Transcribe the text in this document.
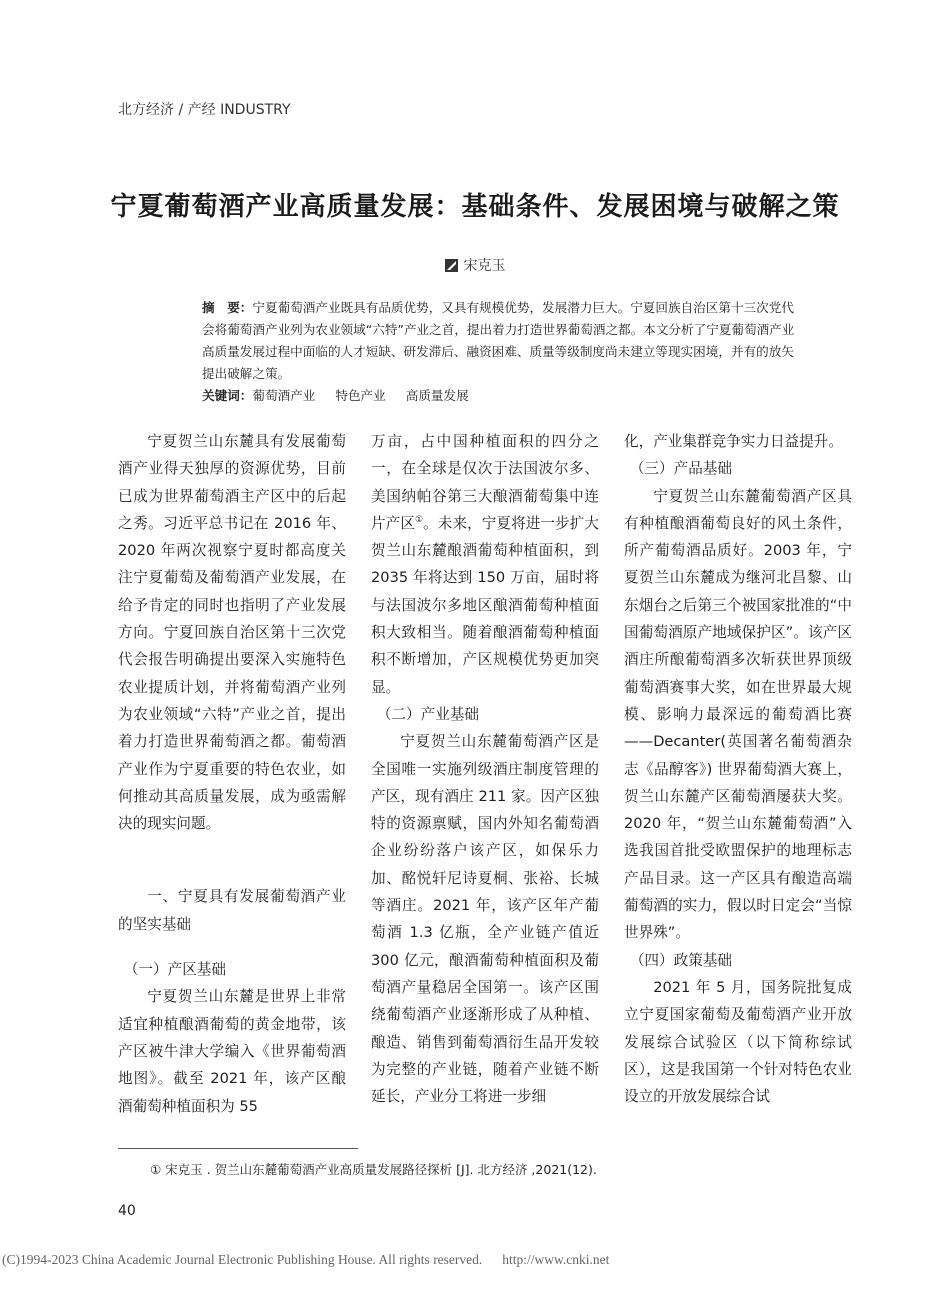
北方经济 / 产经 INDUSTRY
宁夏葡萄酒产业高质量发展：基础条件、发展困境与破解之策
宋克玉
摘　要：宁夏葡萄酒产业既具有品质优势，又具有规模优势，发展潜力巨大。宁夏回族自治区第十三次党代会将葡萄酒产业列为农业领域“六特”产业之首，提出着力打造世界葡萄酒之都。本文分析了宁夏葡萄酒产业高质量发展过程中面临的人才短缺、研发滞后、融资困难、质量等级制度尚未建立等现实困境，并有的放矢提出破解之策。
关键词：葡萄酒产业 特色产业 高质量发展

宁夏贺兰山东麓具有发展葡萄酒产业得天独厚的资源优势，目前已成为世界葡萄酒主产区中的后起之秀。习近平总书记在 2016 年、2020 年两次视察宁夏时都高度关注宁夏葡萄及葡萄酒产业发展，在给予肯定的同时也指明了产业发展方向。宁夏回族自治区第十三次党代会报告明确提出要深入实施特色农业提质计划，并将葡萄酒产业列为农业领域“六特”产业之首，提出着力打造世界葡萄酒之都。葡萄酒产业作为宁夏重要的特色农业，如何推动其高质量发展，成为亟需解决的现实问题。

一、宁夏具有发展葡萄酒产业的坚实基础

（一）产区基础

宁夏贺兰山东麓是世界上非常适宜种植酿酒葡萄的黄金地带，该产区被牛津大学编入《世界葡萄酒地图》。截至 2021 年，该产区酿酒葡萄种植面积为 55

万亩，占中国种植面积的四分之一，在全球是仅次于法国波尔多、美国纳帕谷第三大酿酒葡萄集中连片产区①。未来，宁夏将进一步扩大贺兰山东麓酿酒葡萄种植面积，到 2035 年将达到 150 万亩，届时将与法国波尔多地区酿酒葡萄种植面积大致相当。随着酿酒葡萄种植面积不断增加，产区规模优势更加突显。

（二）产业基础

宁夏贺兰山东麓葡萄酒产区是全国唯一实施列级酒庄制度管理的产区，现有酒庄 211 家。因产区独特的资源禀赋，国内外知名葡萄酒企业纷纷落户该产区，如保乐力加、酩悦轩尼诗夏桐、张裕、长城等酒庄。2021 年，该产区年产葡萄酒 1.3 亿瓶，全产业链产值近 300 亿元，酿酒葡萄种植面积及葡萄酒产量稳居全国第一。该产区围绕葡萄酒产业逐渐形成了从种植、酿造、销售到葡萄酒衍生品开发较为完整的产业链，随着产业链不断延长，产业分工将进一步细

化，产业集群竞争实力日益提升。

（三）产品基础

宁夏贺兰山东麓葡萄酒产区具有种植酿酒葡萄良好的风土条件，所产葡萄酒品质好。2003 年，宁夏贺兰山东麓成为继河北昌黎、山东烟台之后第三个被国家批准的“中国葡萄酒原产地域保护区”。该产区酒庄所酿葡萄酒多次斩获世界顶级葡萄酒赛事大奖，如在世界最大规模、影响力最深远的葡萄酒比赛——Decanter(英国著名葡萄酒杂志《品醇客》) 世界葡萄酒大赛上，贺兰山东麓产区葡萄酒屡获大奖。2020 年，“贺兰山东麓葡萄酒”入选我国首批受欧盟保护的地理标志产品目录。这一产区具有酿造高端葡萄酒的实力，假以时日定会“当惊世界殊”。

（四）政策基础

2021 年 5 月，国务院批复成立宁夏国家葡萄及葡萄酒产业开放发展综合试验区（以下简称综试区），这是我国第一个针对特色农业设立的开放发展综合试

① 宋克玉 . 贺兰山东麓葡萄酒产业高质量发展路径探析 [J]. 北方经济 ,2021(12).
40
(C)1994-2023 China Academic Journal Electronic Publishing House. All rights reserved. http://www.cnki.net
